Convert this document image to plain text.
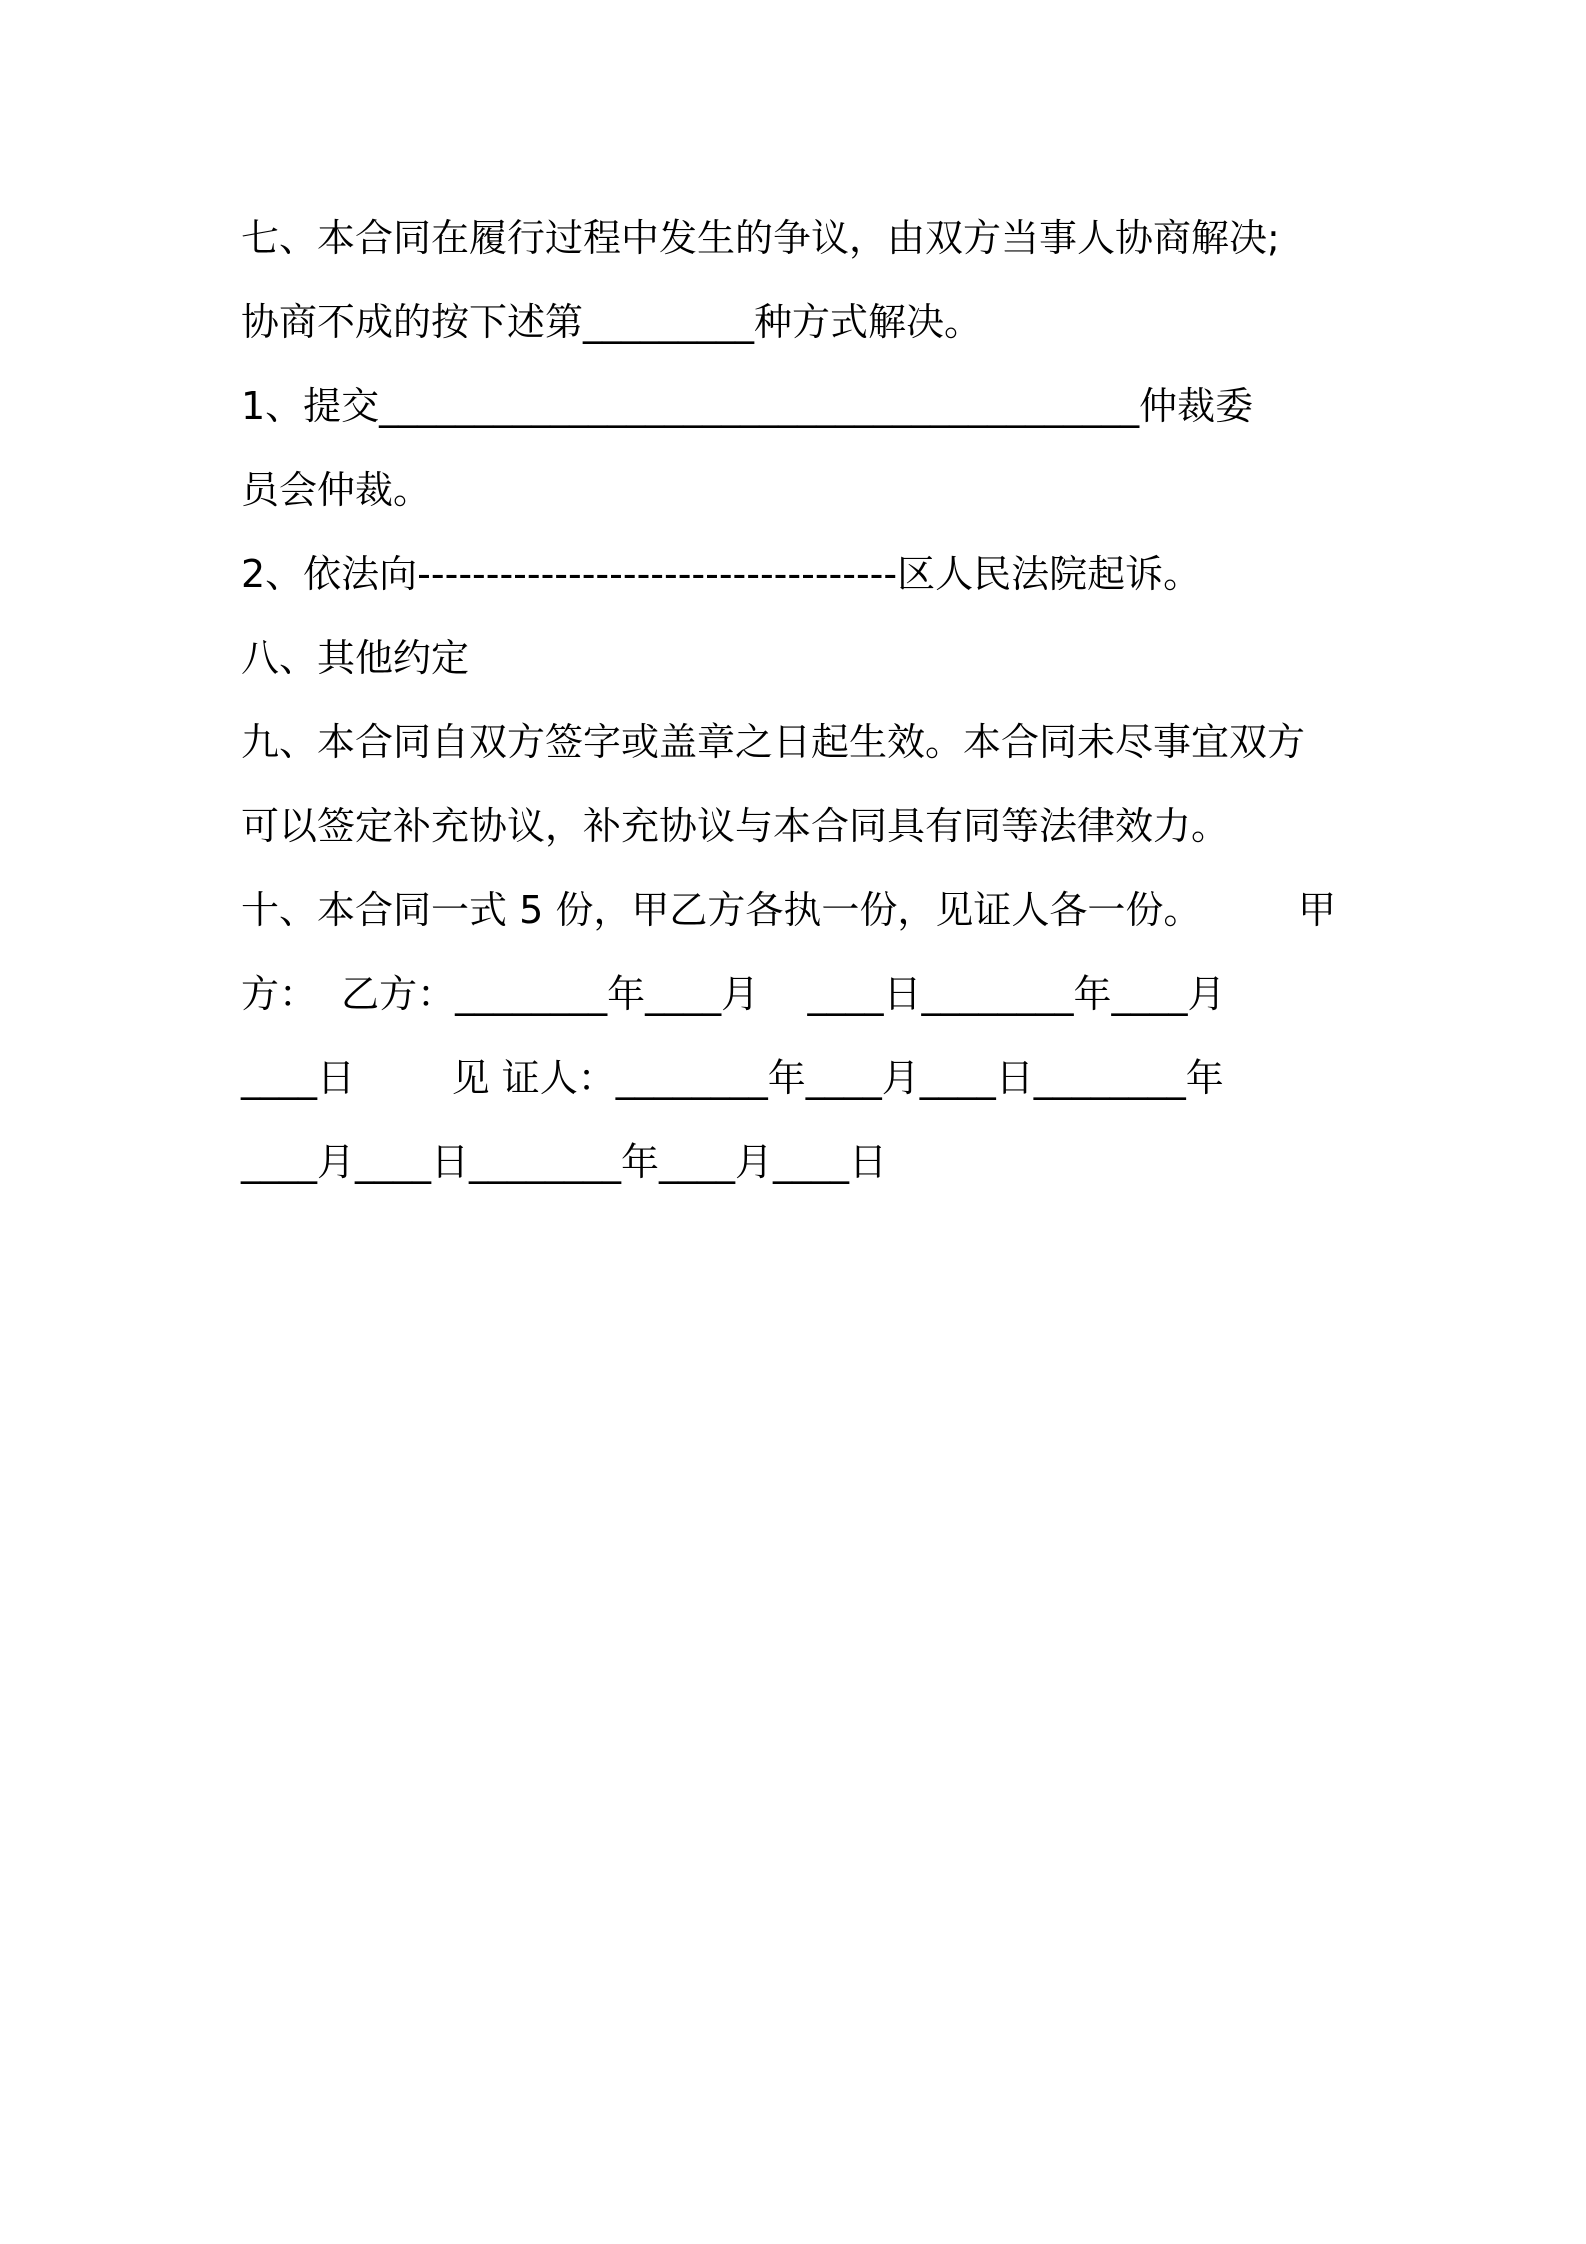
七、本合同在履行过程中发生的争议，由双方当事人协商解决;
协商不成的按下述第_________种方式解决。
1、提交________________________________________仲裁委
员会仲裁。
2、依法向-----------------------------------区人民法院起诉。
八、其他约定
九、本合同自双方签字或盖章之日起生效。本合同未尽事宜双方
可以签定补充协议，补充协议与本合同具有同等法律效力。
十、本合同一式 5 份，甲乙方各执一份，见证人各一份。        甲
方：  乙方：________年____月    ____日________年____月
____日        见 证人：________年____月____日________年
____月____日________年____月____日
